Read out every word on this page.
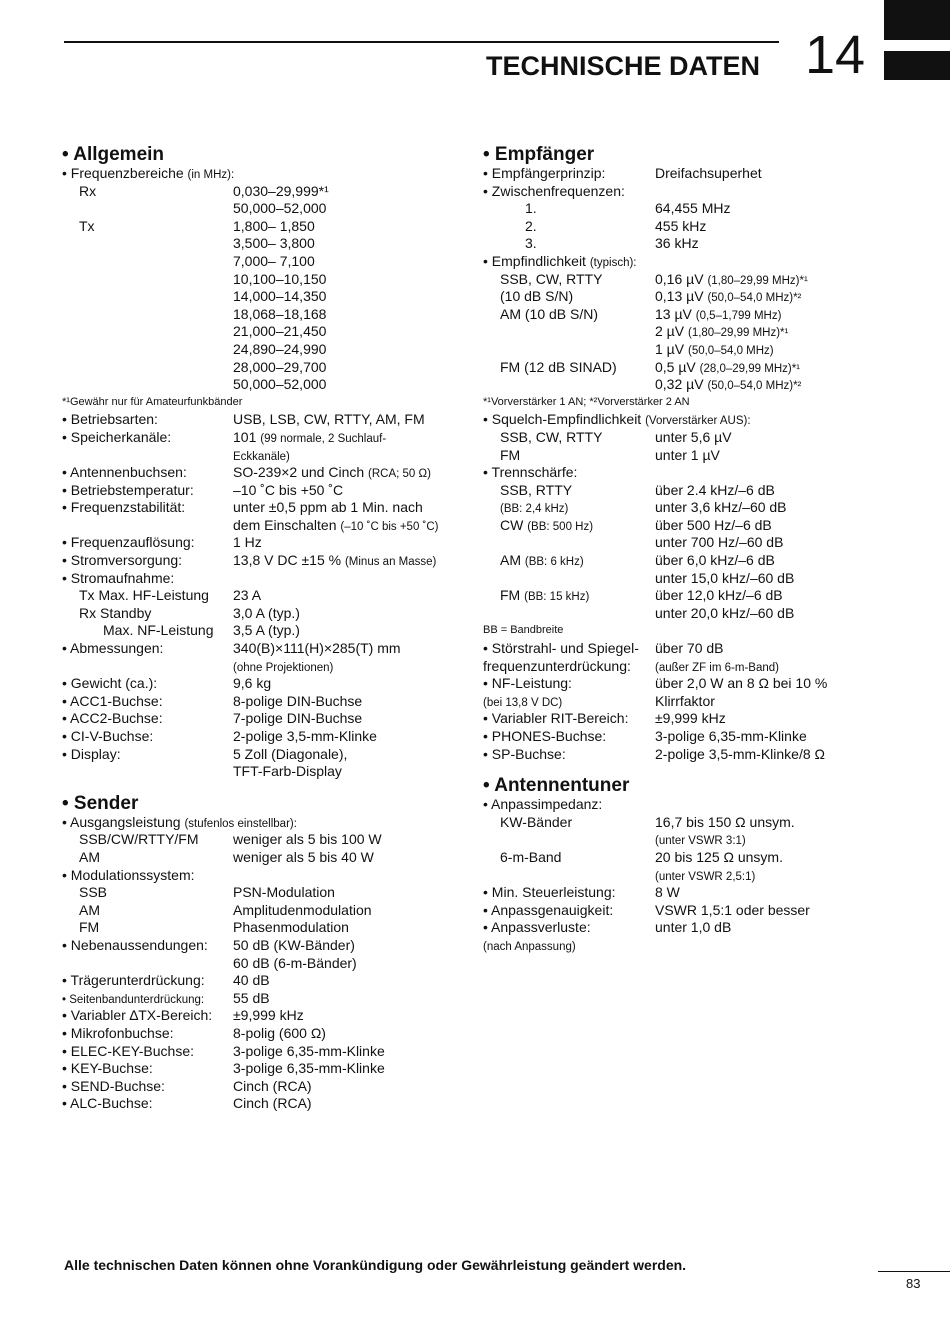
TECHNISCHE DATEN 14
• Allgemein
• Frequenzbereiche (in MHz):
Rx	0,030–29,999*¹
50,000–52,000
Tx	1,800– 1,850
3,500– 3,800
7,000– 7,100
10,100–10,150
14,000–14,350
18,068–18,168
21,000–21,450
24,890–24,990
28,000–29,700
50,000–52,000
*¹Gewähr nur für Amateurfunkbänder
• Betriebsarten:	USB, LSB, CW, RTTY, AM, FM
• Speicherkanäle:	101 (99 normale, 2 Suchlauf-
Eckkanäle)
• Antennenbuchsen:	SO-239×2 und Cinch (RCA; 50 Ω)
• Betriebstemperatur:	–10 ˚C bis +50 ˚C
• Frequenzstabilität:	unter ±0,5 ppm ab 1 Min. nach
dem Einschalten (–10 ˚C bis +50 ˚C)
• Frequenzauflösung:	1 Hz
• Stromversorgung:	13,8 V DC ±15 % (Minus an Masse)
• Stromaufnahme:
Tx Max. HF-Leistung 23 A
Rx Standby	3,0 A (typ.)
Max. NF-Leistung 3,5 A (typ.)
• Abmessungen:	340(B)×111(H)×285(T) mm
(ohne Projektionen)
• Gewicht (ca.):	9,6 kg
• ACC1-Buchse:	8-polige DIN-Buchse
• ACC2-Buchse:	7-polige DIN-Buchse
• CI-V-Buchse:	2-polige 3,5-mm-Klinke
• Display:	5 Zoll (Diagonale),
TFT-Farb-Display
• Sender
• Ausgangsleistung (stufenlos einstellbar):
SSB/CW/RTTY/FM weniger als 5 bis 100 W
AM	weniger als 5 bis 40 W
• Modulationssystem:
SSB	PSN-Modulation
AM	Amplitudenmodulation
FM	Phasenmodulation
• Nebenaussendungen: 50 dB (KW-Bänder)
60 dB (6-m-Bänder)
• Trägerunterdrückung: 40 dB
• Seitenbandunterdrückung: 55 dB
• Variabler ∆TX-Bereich: ±9,999 kHz
• Mikrofonbuchse:	8-polig (600 Ω)
• ELEC-KEY-Buchse:	3-polige 6,35-mm-Klinke
• KEY-Buchse:	3-polige 6,35-mm-Klinke
• SEND-Buchse:	Cinch (RCA)
• ALC-Buchse:	Cinch (RCA)
• Empfänger
• Empfängerprinzip:	Dreifachsuperhet
• Zwischenfrequenzen:
1.	64,455 MHz
2.	455 kHz
3.	36 kHz
• Empfindlichkeit (typisch):
SSB, CW, RTTY	0,16 µV (1,80–29,99 MHz)*¹
(10 dB S/N)	0,13 µV (50,0–54,0 MHz)*²
AM (10 dB S/N)	13 µV (0,5–1,799 MHz)
2 µV (1,80–29,99 MHz)*¹
1 µV (50,0–54,0 MHz)
FM (12 dB SINAD)	0,5 µV (28,0–29,99 MHz)*¹
0,32 µV (50,0–54,0 MHz)*²
*¹Vorverstärker 1 AN; *²Vorverstärker 2 AN
• Squelch-Empfindlichkeit (Vorverstärker AUS):
SSB, CW, RTTY	unter 5,6 µV
FM	unter 1 µV
• Trennschärfe:
SSB, RTTY	über 2.4 kHz/–6 dB
(BB: 2,4 kHz)	unter 3,6 kHz/–60 dB
CW (BB: 500 Hz)	über 500 Hz/–6 dB
unter 700 Hz/–60 dB
AM (BB: 6 kHz)	über 6,0 kHz/–6 dB
unter 15,0 kHz/–60 dB
FM (BB: 15 kHz)	über 12,0 kHz/–6 dB
unter 20,0 kHz/–60 dB
BB = Bandbreite
• Störstrahl- und Spiegel- über 70 dB
frequenzunterdrückung: (außer ZF im 6-m-Band)
• NF-Leistung:	über 2,0 W an 8 Ω bei 10 %
(bei 13,8 V DC)	Klirrfaktor
• Variabler RIT-Bereich: ±9,999 kHz
• PHONES-Buchse:	3-polige 6,35-mm-Klinke
• SP-Buchse:	2-polige 3,5-mm-Klinke/8 Ω
• Antennentuner
• Anpassimpedanz:
KW-Bänder	16,7 bis 150 Ω unsym.
(unter VSWR 3:1)
6-m-Band	20 bis 125 Ω unsym.
(unter VSWR 2,5:1)
• Min. Steuerleistung:	8 W
• Anpassgenauigkeit:	VSWR 1,5:1 oder besser
• Anpassverluste:	unter 1,0 dB
(nach Anpassung)
Alle technischen Daten können ohne Vorankündigung oder Gewährleistung geändert werden.
83
